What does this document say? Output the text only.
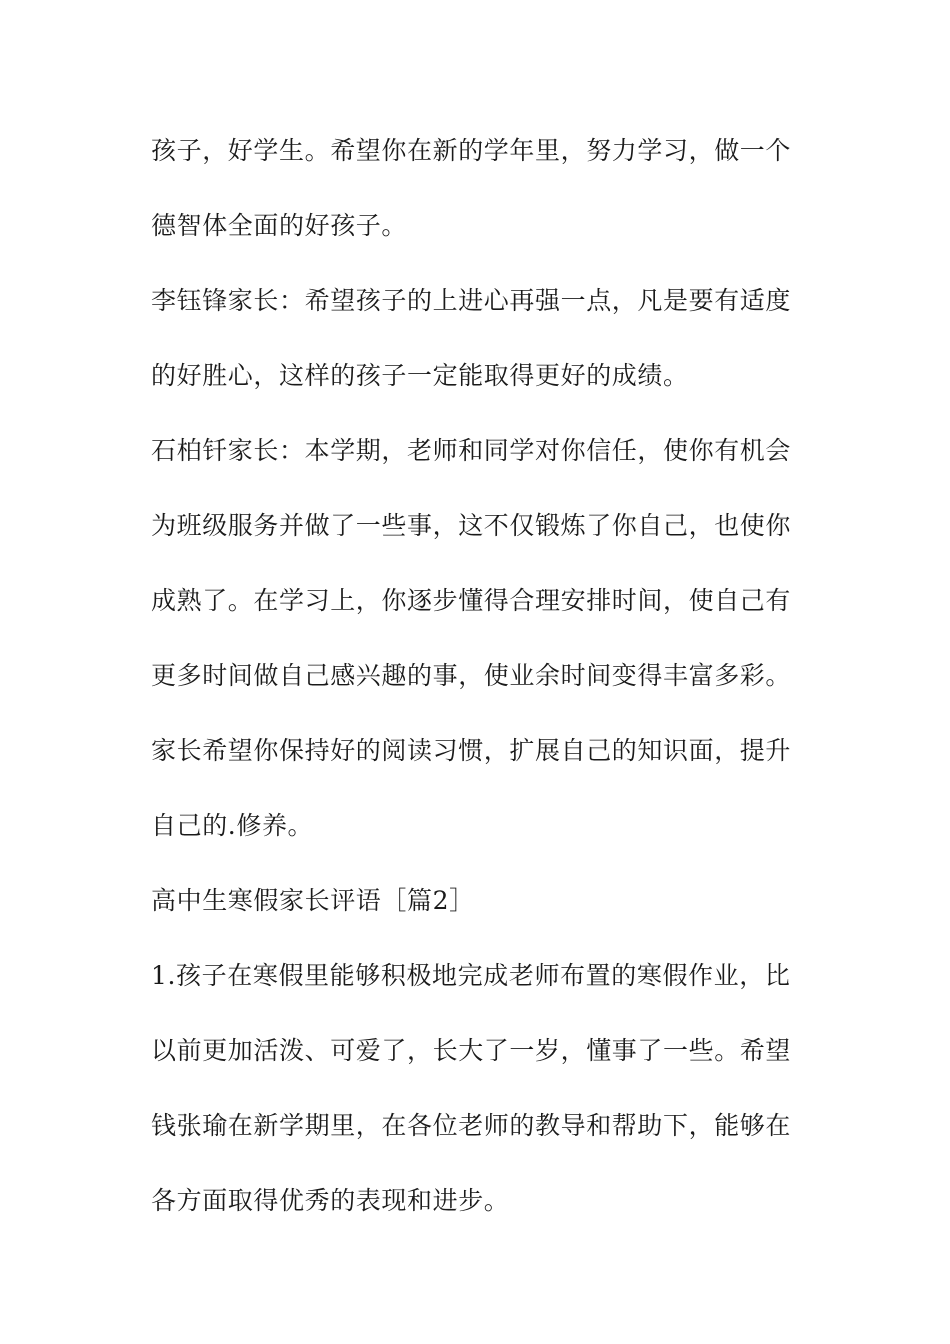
孩子，好学生。希望你在新的学年里，努力学习，做一个
德智体全面的好孩子。
李钰锋家长：希望孩子的上进心再强一点，凡是要有适度
的好胜心，这样的孩子一定能取得更好的成绩。
石柏钎家长：本学期，老师和同学对你信任，使你有机会
为班级服务并做了一些事，这不仅锻炼了你自己，也使你
成熟了。在学习上，你逐步懂得合理安排时间，使自己有
更多时间做自己感兴趣的事，使业余时间变得丰富多彩。
家长希望你保持好的阅读习惯，扩展自己的知识面，提升
自己的.修养。
高中生寒假家长评语［篇2］
1.孩子在寒假里能够积极地完成老师布置的寒假作业，比
以前更加活泼、可爱了，长大了一岁，懂事了一些。希望
钱张瑜在新学期里，在各位老师的教导和帮助下，能够在
各方面取得优秀的表现和进步。
